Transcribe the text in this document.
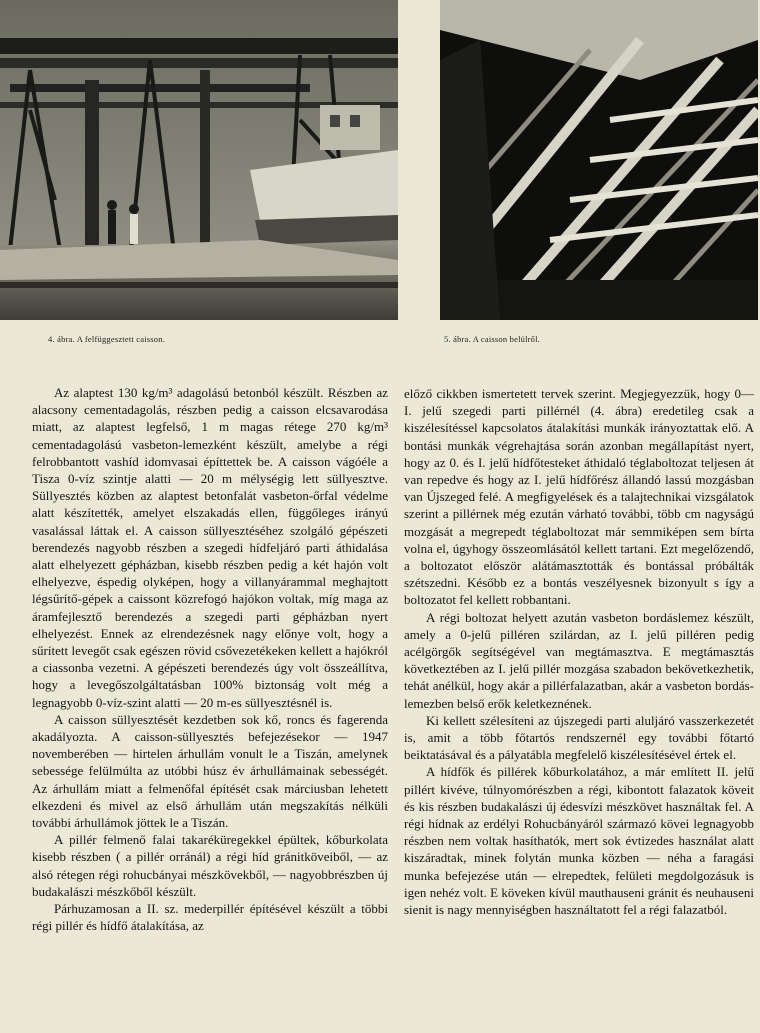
4. ábra. A felfüggesztett caisson.	5. ábra. A caisson belülről.

Az alaptest 130 kg/m³ adagolású betonból készült. Részben az alacsony cementadagolás, részben pedig a caisson elcsavarodása miatt, az alaptest legfelső, 1 m magas rétege 270 kg/m³ cementadagolású vasbeton-lemezként készült, amelybe a régi felrobbantott vashíd idomvasai építtettek be. A caisson vágóéle a Tisza 0-víz szintje alatti — 20 m mélységig lett süllyesztve. Süllyesztés közben az alaptest betonfalát vasbeton-őrfal védelme alatt készítették, amelyet elszakadás ellen, függőleges irányú vasalással láttak el. A caisson süllyesztéséhez szolgáló gépészeti berendezés nagyobb részben a szegedi hídfeljáró parti áthidalása alatt elhelyezett gépházban, kisebb részben pedig a két hajón volt elhelyezve, éspedig olyképen, hogy a villanyárammal meghajtott légsűrítő-gépek a caissont közrefogó hajókon voltak, míg maga az áramfejlesztő berendezés a szegedi parti gépházban nyert elhelyezést. Ennek az elrendezésnek nagy előnye volt, hogy a sűrített levegőt csak egészen rövid csővezetékeken kellett a hajókról a ciassonba vezetni. A gépészeti berendezés úgy volt összeállítva, hogy a levegőszolgáltatásban 100% biztonság volt még a legnagyobb 0-víz-szint alatti — 20 m-es süllyesztésnél is.

A caisson süllyesztését kezdetben sok kő, roncs és fagerenda akadályozta. A caisson-süllyesztés befejezésekor — 1947 novemberében — hirtelen árhullám vonult le a Tiszán, amelynek sebessége felülmúlta az utóbbi húsz év árhullámainak sebességét. Az árhullám miatt a felmenőfal építését csak márciusban lehetett elkezdeni és mivel az első árhullám után megszakítás nélküli további árhullámok jöttek le a Tiszán.

A pillér felmenő falai takaréküregekkel épültek, kőburkolata kisebb részben ( a pillér orránál) a régi híd gránitköveiből, — az alsó rétegen régi rohucbányai mészkövekből, — nagyobbrészben új budakalászi mészkőből készült.

Párhuzamosan a II. sz. mederpillér építésével készült a többi régi pillér és hídfő átalakítása, az

előző cikkben ismertetett tervek szerint. Megjegyezzük, hogy 0—I. jelű szegedi parti pillérnél (4. ábra) eredetileg csak a kiszélesítéssel kapcsolatos átalakítási munkák irányoztattak elő. A bontási munkák végrehajtása során azonban megállapítást nyert, hogy az 0. és I. jelű hídfőtesteket áthidaló téglaboltozat teljesen át van repedve és hogy az I. jelű hídfőrész állandó lassú mozgásban van Újszeged felé. A megfigyelések és a talajtechnikai vizsgálatok szerint a pillérnek még ezután várható további, több cm nagyságú mozgását a megrepedt téglaboltozat már semmiképen sem bírta volna el, úgyhogy összeomlásától kellett tartani. Ezt megelőzendő, a boltozatot először alátámasztották és bontással próbálták szétszedni. Később ez a bontás veszélyesnek bizonyult s így a boltozatot fel kellett robbantani.

A régi boltozat helyett azután vasbeton bordáslemez készült, amely a 0-jelű pilléren szilárdan, az I. jelű pilléren pedig acélgörgők segítségével van megtámasztva. E megtámasztás következtében az I. jelű pillér mozgása szabadon bekövetkezhetik, tehát anélkül, hogy akár a pillérfalazatban, akár a vasbeton bordás-lemezben belső erők keletkeznének.

Ki kellett szélesíteni az újszegedi parti aluljáró vasszerkezetét is, amit a több főtartós rendszernél egy további főtartó beiktatásával és a pályatábla megfelelő kiszélesítésével értek el.

A hídfők és pillérek kőburkolatához, a már említett II. jelű pillért kivéve, túlnyomórészben a régi, kibontott falazatok köveit és kis részben budakalászi új édesvízi mészkövet használtak fel. A régi hídnak az erdélyi Rohucbányáról származó kövei legnagyobb részben nem voltak hasíthatók, mert sok évtizedes használat alatt kiszáradtak, minek folytán munka közben — néha a faragási munka befejezése után — elrepedtek, felületi megdolgozásuk is igen nehéz volt. E köveken kívül mauthauseni gránit és neuhauseni sienit is nagy mennyiségben használtatott fel a régi falazatból.
